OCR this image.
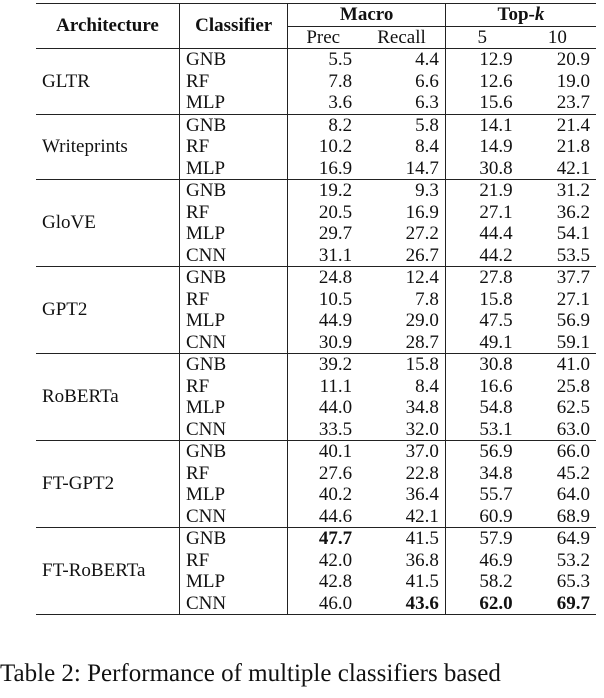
Architecture	Classifier	Macro		Top-k	
		Prec	Recall	5	10
GLTR	GNB	5.5	4.4	12.9	20.9
	RF	7.8	6.6	12.6	19.0
	MLP	3.6	6.3	15.6	23.7
Writeprints	GNB	8.2	5.8	14.1	21.4
	RF	10.2	8.4	14.9	21.8
	MLP	16.9	14.7	30.8	42.1
GloVE	GNB	19.2	9.3	21.9	31.2
	RF	20.5	16.9	27.1	36.2
	MLP	29.7	27.2	44.4	54.1
	CNN	31.1	26.7	44.2	53.5
GPT2	GNB	24.8	12.4	27.8	37.7
	RF	10.5	7.8	15.8	27.1
	MLP	44.9	29.0	47.5	56.9
	CNN	30.9	28.7	49.1	59.1
RoBERTa	GNB	39.2	15.8	30.8	41.0
	RF	11.1	8.4	16.6	25.8
	MLP	44.0	34.8	54.8	62.5
	CNN	33.5	32.0	53.1	63.0
FT-GPT2	GNB	40.1	37.0	56.9	66.0
	RF	27.6	22.8	34.8	45.2
	MLP	40.2	36.4	55.7	64.0
	CNN	44.6	42.1	60.9	68.9
FT-RoBERTa	GNB	47.7	41.5	57.9	64.9
	RF	42.0	36.8	46.9	53.2
	MLP	42.8	41.5	58.2	65.3
	CNN	46.0	43.6	62.0	69.7
Table 2: Performance of multiple classifiers based
